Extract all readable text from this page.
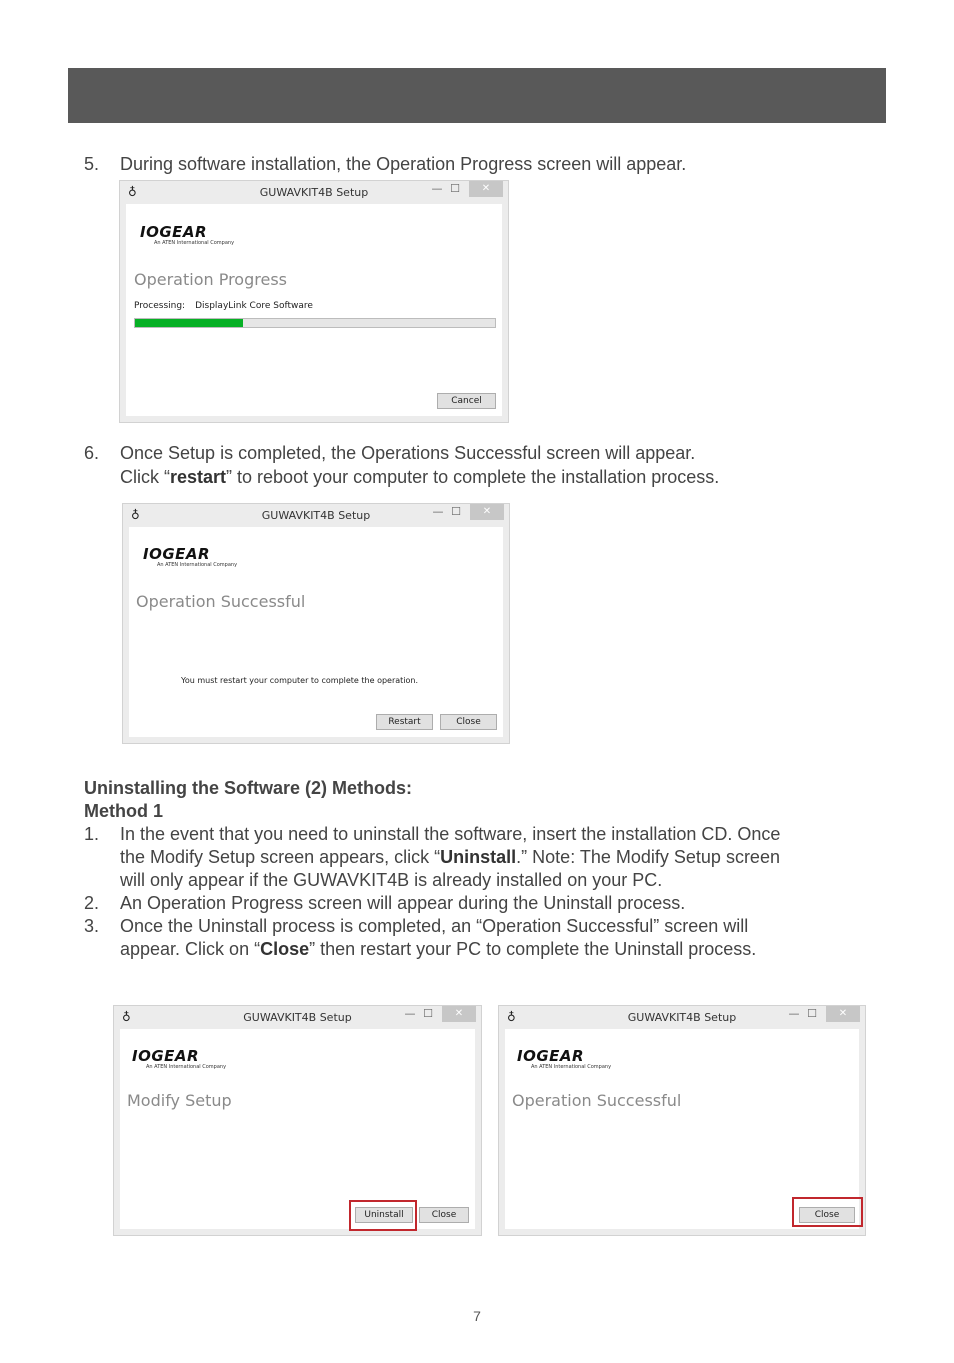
5. During software installation, the Operation Progress screen will appear.
♁	GUWAVKIT4B Setup	— ☐	✕
IOGEAR
An ATEN International Company
Operation Progress
Processing: DisplayLink Core Software
Cancel
6. Once Setup is completed, the Operations Successful screen will appear.
Click “restart” to reboot your computer to complete the installation process.
♁	GUWAVKIT4B Setup	— ☐	✕
IOGEAR
An ATEN International Company
Operation Successful
You must restart your computer to complete the operation.
Restart	Close
Uninstalling the Software (2) Methods:
Method 1
1. In the event that you need to uninstall the software, insert the installation CD. Once
the Modify Setup screen appears, click “Uninstall.” Note: The Modify Setup screen
will only appear if the GUWAVKIT4B is already installed on your PC.
2. An Operation Progress screen will appear during the Uninstall process.
3. Once the Uninstall process is completed, an “Operation Successful” screen will
appear. Click on “Close” then restart your PC to complete the Uninstall process.
♁	GUWAVKIT4B Setup	— ☐	✕
IOGEAR
An ATEN International Company
Modify Setup
Uninstall	Close
♁	GUWAVKIT4B Setup	— ☐	✕
IOGEAR
An ATEN International Company
Operation Successful
Close
7
